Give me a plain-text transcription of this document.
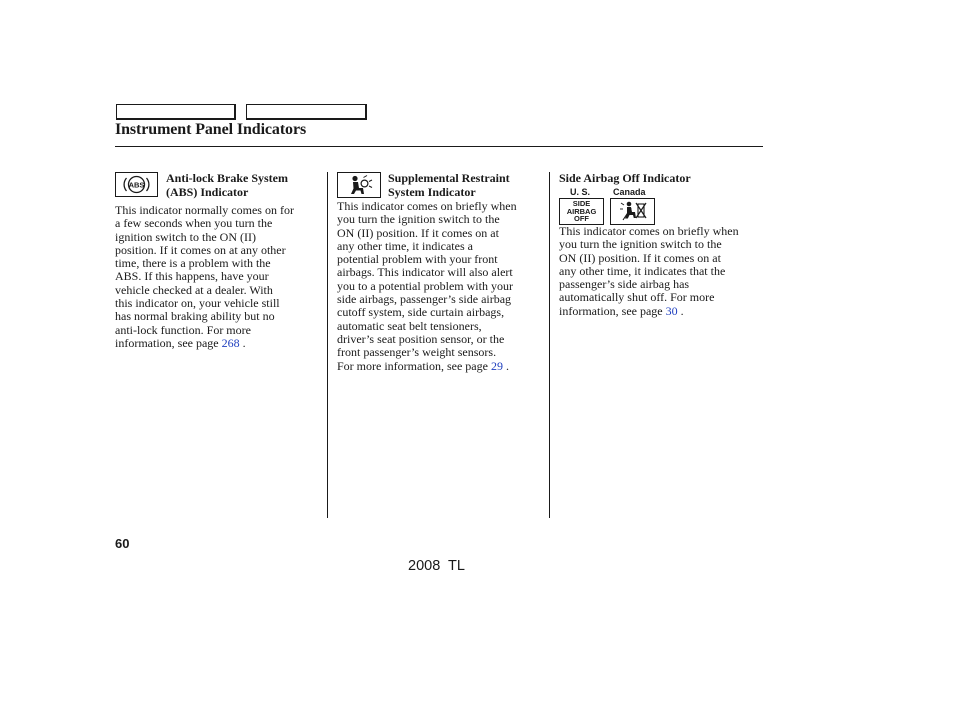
Instrument Panel Indicators
ABS Anti-lock Brake System
(ABS) Indicator
This indicator normally comes on for
a few seconds when you turn the
ignition switch to the ON (II)
position. If it comes on at any other
time, there is a problem with the
ABS. If this happens, have your
vehicle checked at a dealer. With
this indicator on, your vehicle still
has normal braking ability but no
anti-lock function. For more
information, see page 268 .
Supplemental Restraint
System Indicator
This indicator comes on briefly when
you turn the ignition switch to the
ON (II) position. If it comes on at
any other time, it indicates a
potential problem with your front
airbags. This indicator will also alert
you to a potential problem with your
side airbags, passenger’s side airbag
cutoff system, side curtain airbags,
automatic seat belt tensioners,
driver’s seat position sensor, or the
front passenger’s weight sensors.
For more information, see page 29 .
Side Airbag Off Indicator
U. S.	Canada
SIDE
AIRBAG
OFF
This indicator comes on briefly when
you turn the ignition switch to the
ON (II) position. If it comes on at
any other time, it indicates that the
passenger’s side airbag has
automatically shut off. For more
information, see page 30 .
60
2008  TL
